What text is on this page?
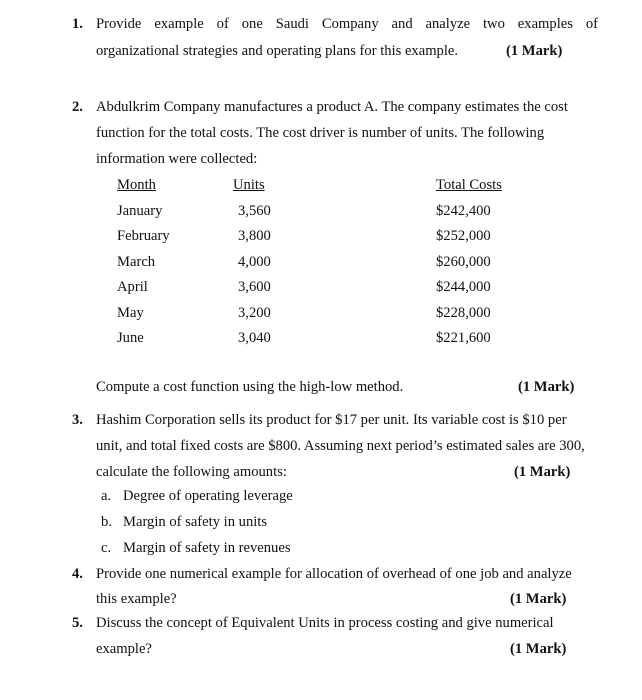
1. Provide example of one Saudi Company and analyze two examples of
organizational strategies and operating plans for this example.	(1 Mark)
2. Abdulkrim Company manufactures a product A. The company estimates the cost
function for the total costs. The cost driver is number of units. The following
information were collected:
Month	Units	Total Costs
January	3,560	$242,400
February	3,800	$252,000
March	4,000	$260,000
April	3,600	$244,000
May	3,200	$228,000
June	3,040	$221,600
Compute a cost function using the high-low method.	(1 Mark)
3. Hashim Corporation sells its product for $17 per unit. Its variable cost is $10 per
unit, and total fixed costs are $800. Assuming next period’s estimated sales are 300,
calculate the following amounts:	(1 Mark)
a. Degree of operating leverage
b. Margin of safety in units
c. Margin of safety in revenues
4. Provide one numerical example for allocation of overhead of one job and analyze
this example?	(1 Mark)
5. Discuss the concept of Equivalent Units in process costing and give numerical
example?	(1 Mark)
